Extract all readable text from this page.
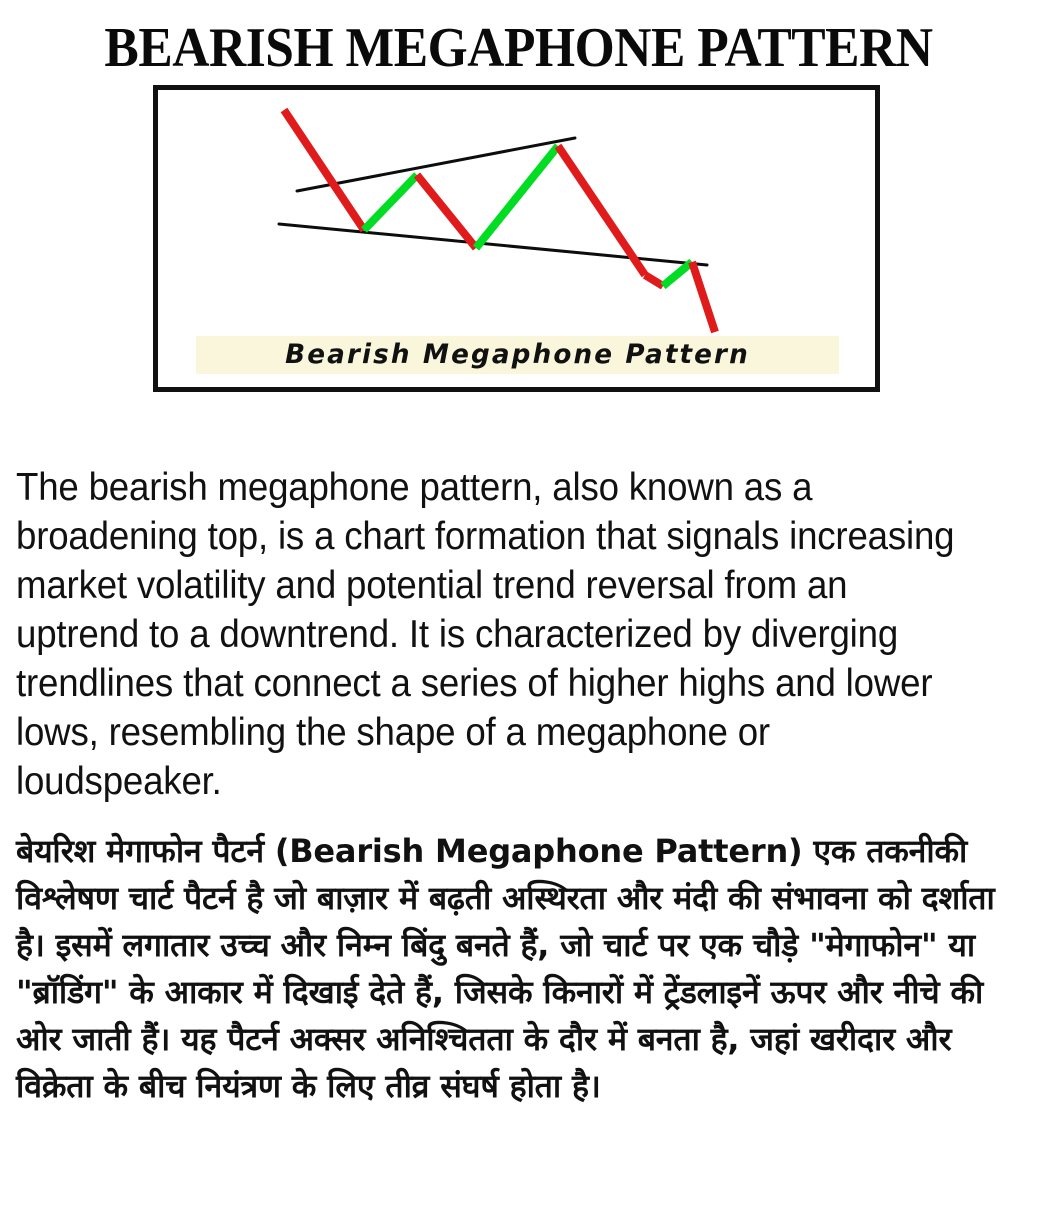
BEARISH MEGAPHONE PATTERN
Bearish Megaphone Pattern

The bearish megaphone pattern, also known as a broadening top, is a chart formation that signals increasing market volatility and potential trend reversal from an uptrend to a downtrend. It is characterized by diverging trendlines that connect a series of higher highs and lower lows, resembling the shape of a megaphone or loudspeaker.

बेयरिश मेगाफोन पैटर्न (Bearish Megaphone Pattern) एक तकनीकी विश्लेषण चार्ट पैटर्न है जो बाज़ार में बढ़ती अस्थिरता और मंदी की संभावना को दर्शाता है। इसमें लगातार उच्च और निम्न बिंदु बनते हैं, जो चार्ट पर एक चौड़े "मेगाफोन" या "ब्रॉडिंग" के आकार में दिखाई देते हैं, जिसके किनारों में ट्रेंडलाइनें ऊपर और नीचे की ओर जाती हैं। यह पैटर्न अक्सर अनिश्चितता के दौर में बनता है, जहां खरीदार और विक्रेता के बीच नियंत्रण के लिए तीव्र संघर्ष होता है।
